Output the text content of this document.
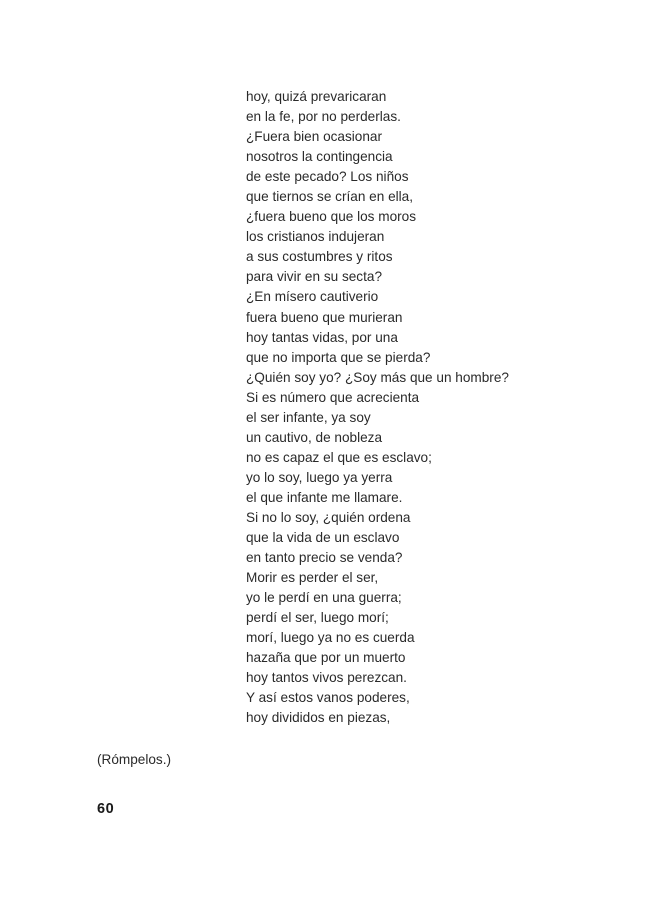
hoy, quizá prevaricaran
en la fe, por no perderlas.
¿Fuera bien ocasionar
nosotros la contingencia
de este pecado? Los niños
que tiernos se crían en ella,
¿fuera bueno que los moros
los cristianos indujeran
a sus costumbres y ritos
para vivir en su secta?
¿En mísero cautiverio
fuera bueno que murieran
hoy tantas vidas, por una
que no importa que se pierda?
¿Quién soy yo? ¿Soy más que un hombre?
Si es número que acrecienta
el ser infante, ya soy
un cautivo, de nobleza
no es capaz el que es esclavo;
yo lo soy, luego ya yerra
el que infante me llamare.
Si no lo soy, ¿quién ordena
que la vida de un esclavo
en tanto precio se venda?
Morir es perder el ser,
yo le perdí en una guerra;
perdí el ser, luego morí;
morí, luego ya no es cuerda
hazaña que por un muerto
hoy tantos vivos perezcan.
Y así estos vanos poderes,
hoy divididos en piezas,
(Rómpelos.)
60
